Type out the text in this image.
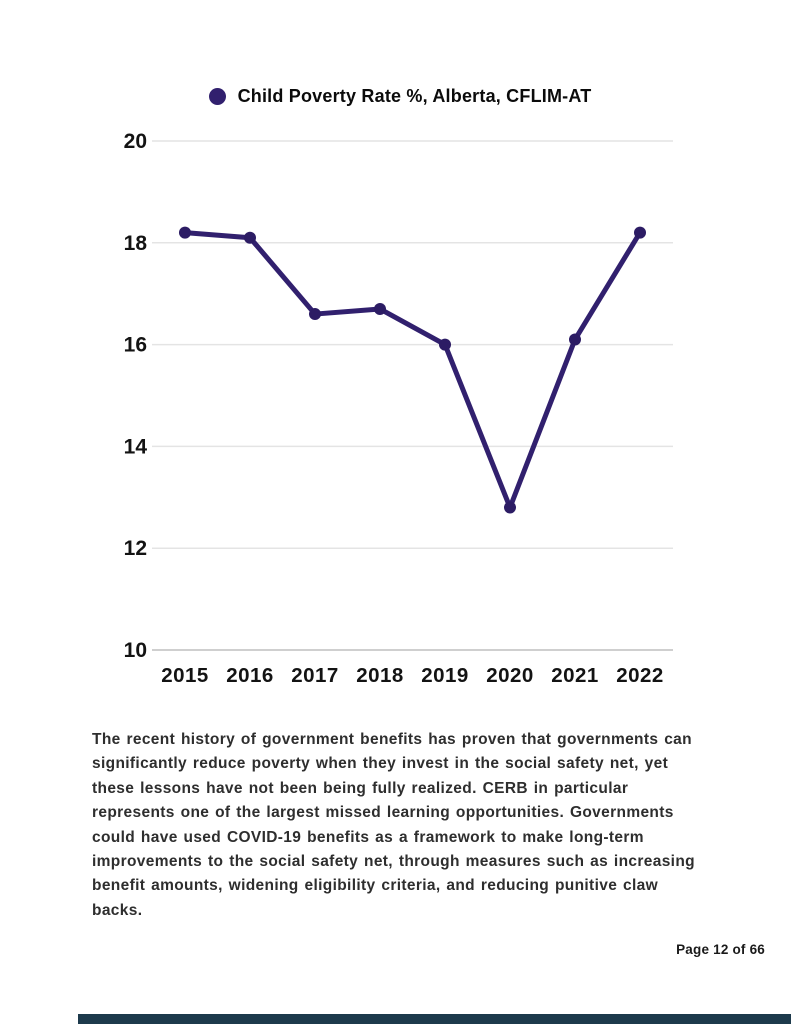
Child Poverty Rate %, Alberta, CFLIM-AT
20
18
16
14
12
10
2015 2016 2017 2018 2019 2020 2021 2022

The recent history of government benefits has proven that governments can significantly reduce poverty when they invest in the social safety net, yet these lessons have not been being fully realized. CERB in particular represents one of the largest missed learning opportunities. Governments could have used COVID-19 benefits as a framework to make long-term improvements to the social safety net, through measures such as increasing benefit amounts, widening eligibility criteria, and reducing punitive claw backs.

Page 12 of 66
